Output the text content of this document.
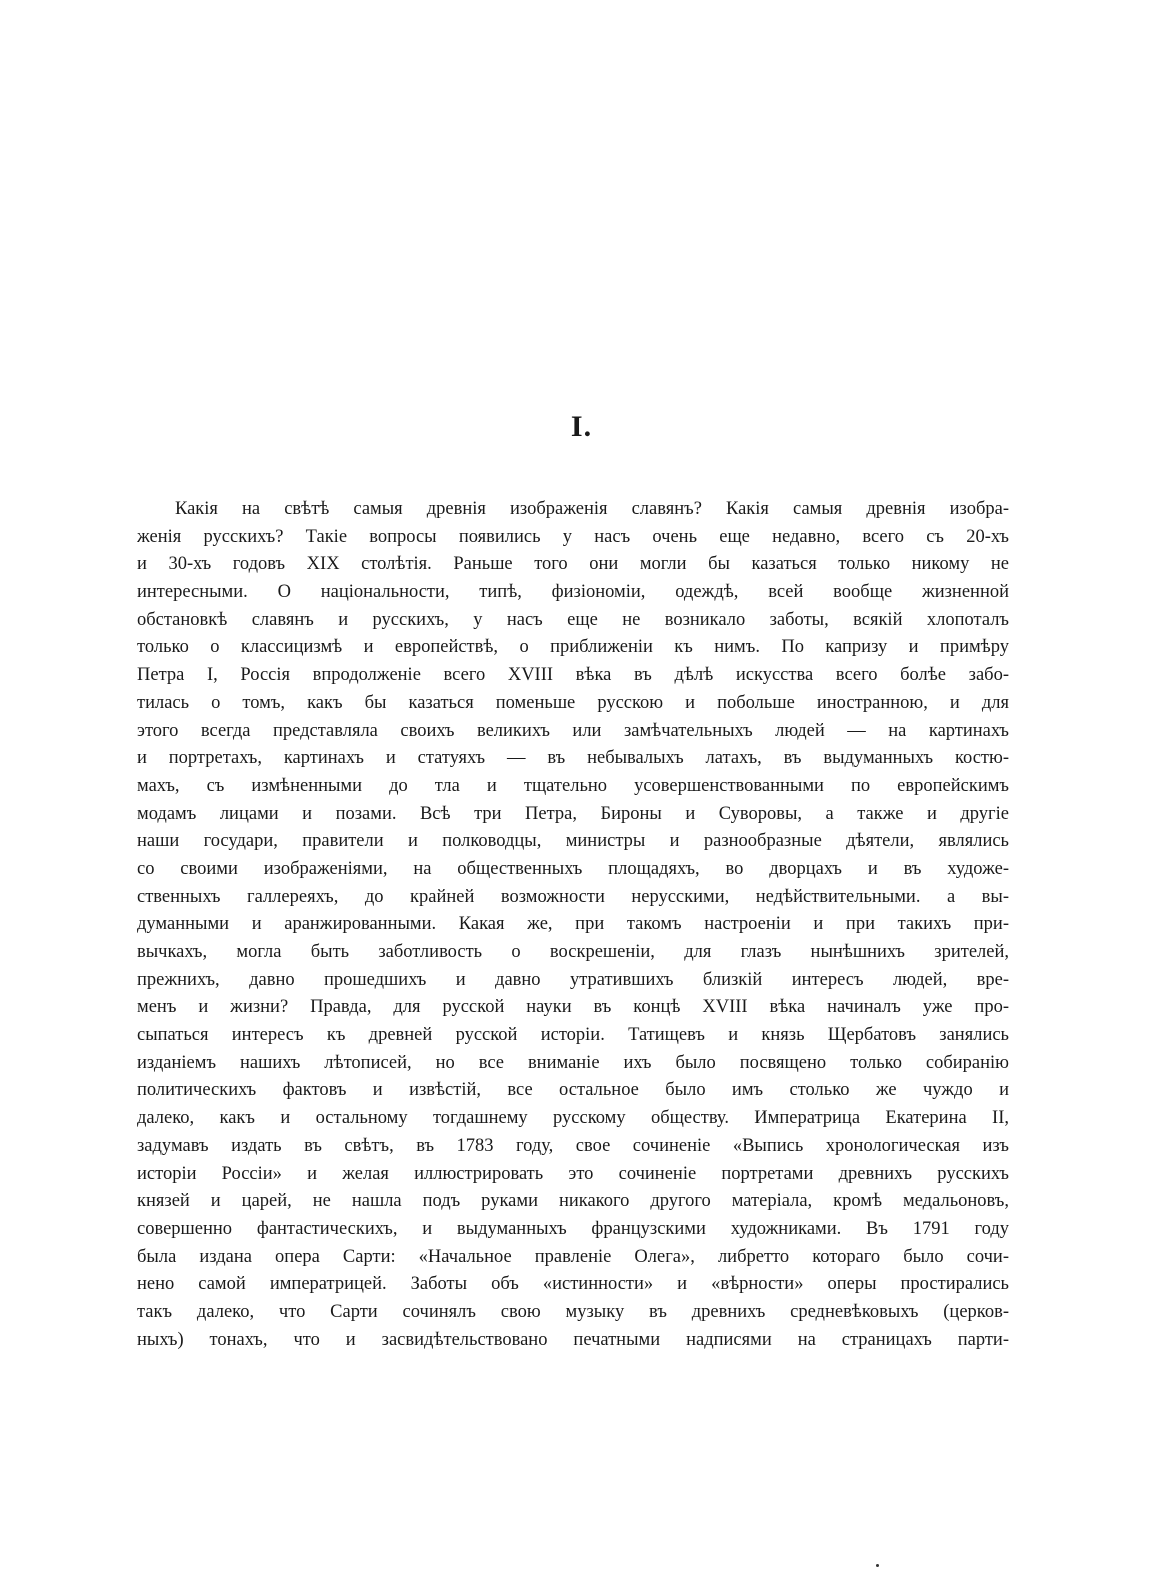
I.
Какія на свѣтѣ самыя древнія изображенія славянъ? Какія самыя древнія изобра-
женія русскихъ? Такіе вопросы появились у насъ очень еще недавно, всего съ 20-хъ
и 30-хъ годовъ XIX столѣтія. Раньше того они могли бы казаться только никому не
интересными. О національности, типѣ, физіономіи, одеждѣ, всей вообще жизненной
обстановкѣ славянъ и русскихъ, у насъ еще не возникало заботы, всякій хлопоталъ
только о классицизмѣ и европействѣ, о приближеніи къ нимъ. По капризу и примѣру
Петра I, Россія впродолженіе всего XVIII вѣка въ дѣлѣ искусства всего болѣе забо-
тилась о томъ, какъ бы казаться поменьше русскою и побольше иностранною, и для
этого всегда представляла своихъ великихъ или замѣчательныхъ людей — на картинахъ
и портретахъ, картинахъ и статуяхъ — въ небывалыхъ латахъ, въ выдуманныхъ костю-
махъ, съ измѣненными до тла и тщательно усовершенствованными по европейскимъ
модамъ лицами и позами. Всѣ три Петра, Бироны и Суворовы, а также и другіе
наши государи, правители и полководцы, министры и разнообразные дѣятели, являлись
со своими изображеніями, на общественныхъ площадяхъ, во дворцахъ и въ художе-
ственныхъ галлереяхъ, до крайней возможности нерусскими, недѣйствительными. а вы-
думанными и аранжированными. Какая же, при такомъ настроеніи и при такихъ при-
вычкахъ, могла быть заботливость о воскрешеніи, для глазъ нынѣшнихъ зрителей,
прежнихъ, давно прошедшихъ и давно утратившихъ близкій интересъ людей, вре-
менъ и жизни? Правда, для русской науки въ концѣ XVIII вѣка начиналъ уже про-
сыпаться интересъ къ древней русской исторіи. Татищевъ и князь Щербатовъ занялись
изданіемъ нашихъ лѣтописей, но все вниманіе ихъ было посвящено только собиранію
политическихъ фактовъ и извѣстій, все остальное было имъ столько же чуждо и
далеко, какъ и остальному тогдашнему русскому обществу. Императрица Екатерина II,
задумавъ издать въ свѣтъ, въ 1783 году, свое сочиненіе «Выпись хронологическая изъ
исторіи Россіи» и желая иллюстрировать это сочиненіе портретами древнихъ русскихъ
князей и царей, не нашла подъ руками никакого другого матеріала, кромѣ медальоновъ,
совершенно фантастическихъ, и выдуманныхъ французскими художниками. Въ 1791 году
была издана опера Сарти: «Начальное правленіе Олега», либретто котораго было сочи-
нено самой императрицей. Заботы объ «истинности» и «вѣрности» оперы простирались
такъ далеко, что Сарти сочинялъ свою музыку въ древнихъ средневѣковыхъ (церков-
ныхъ) тонахъ, что и засвидѣтельствовано печатными надписями на страницахъ парти-
